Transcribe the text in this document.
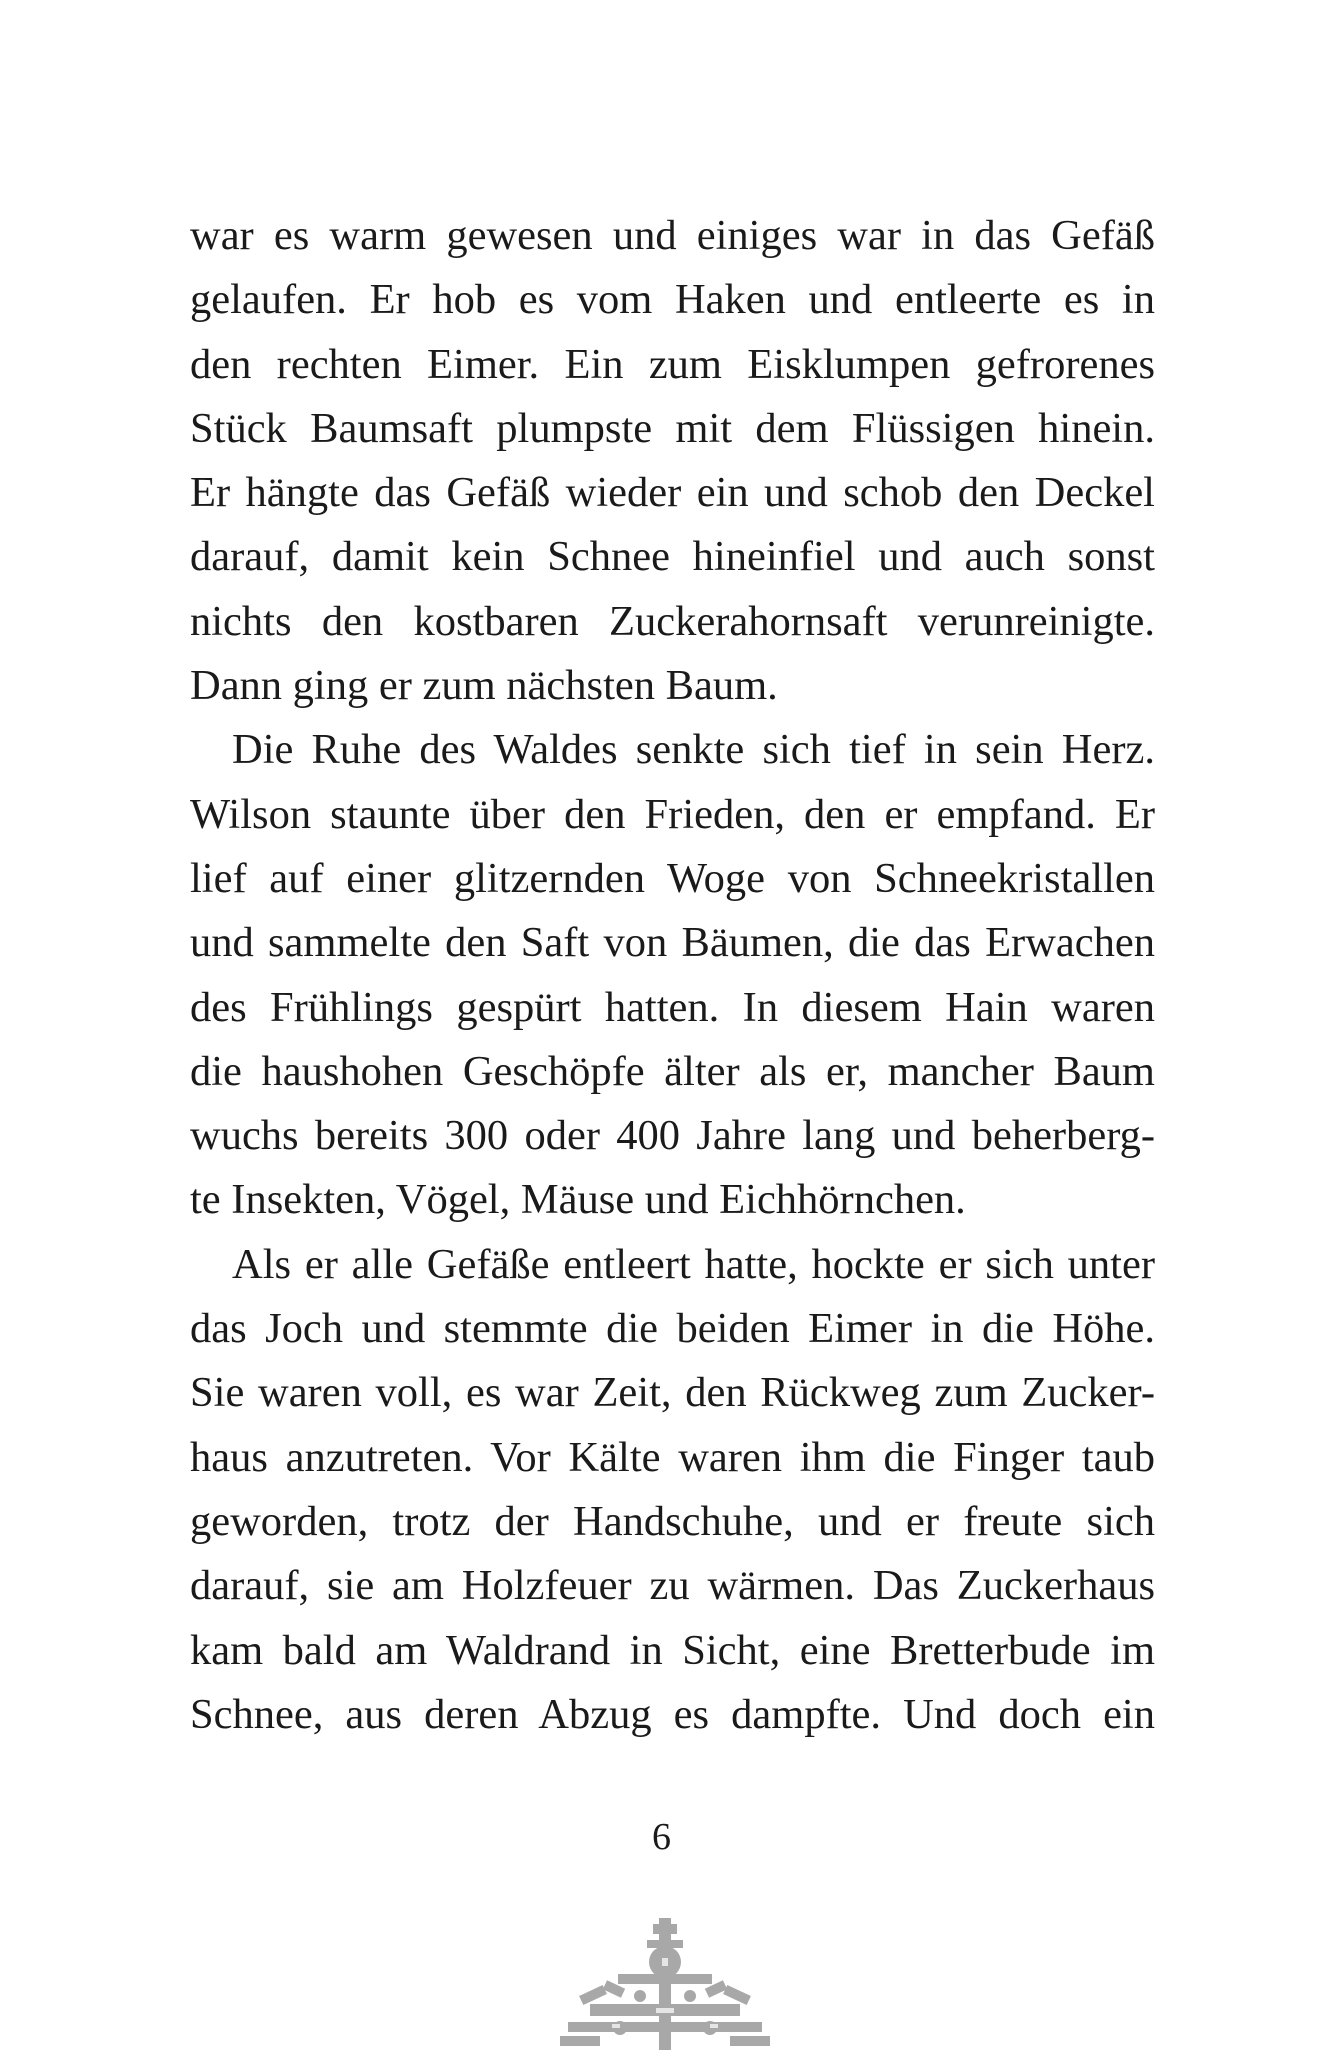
war es warm gewesen und einiges war in das Gefäß
gelaufen. Er hob es vom Haken und entleerte es in
den rechten Eimer. Ein zum Eisklumpen gefrorenes
Stück Baumsaft plumpste mit dem Flüssigen hinein.
Er hängte das Gefäß wieder ein und schob den Deckel
darauf, damit kein Schnee hineinfiel und auch sonst
nichts den kostbaren Zuckerahornsaft verunreinigte.
Dann ging er zum nächsten Baum.

Die Ruhe des Waldes senkte sich tief in sein Herz.
Wilson staunte über den Frieden, den er empfand. Er
lief auf einer glitzernden Woge von Schneekristallen
und sammelte den Saft von Bäumen, die das Erwachen
des Frühlings gespürt hatten. In diesem Hain waren
die haushohen Geschöpfe älter als er, mancher Baum
wuchs bereits 300 oder 400 Jahre lang und beherberg-
te Insekten, Vögel, Mäuse und Eichhörnchen.

Als er alle Gefäße entleert hatte, hockte er sich unter
das Joch und stemmte die beiden Eimer in die Höhe.
Sie waren voll, es war Zeit, den Rückweg zum Zucker-
haus anzutreten. Vor Kälte waren ihm die Finger taub
geworden, trotz der Handschuhe, und er freute sich
darauf, sie am Holzfeuer zu wärmen. Das Zuckerhaus
kam bald am Waldrand in Sicht, eine Bretterbude im
Schnee, aus deren Abzug es dampfte. Und doch ein

6
